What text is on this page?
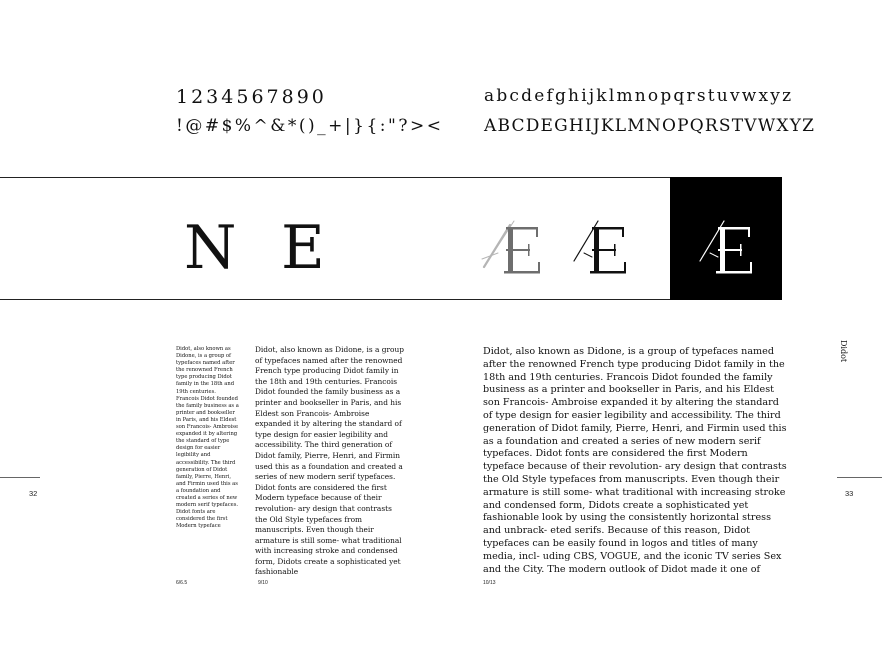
1234567890
!@#$%^&*()_+|}{:"?><
abcdefghijklmnopqrstuvwxyz
ABCDEGHIJKLMNOPQRSTVWXYZ
N E
32	33
Didot
Didot, also known as Didone, is a group of typefaces named after the renowned French type producing Didot family in the 18th and 19th centuries. Francois Didot founded the family business as a printer and bookseller in Paris, and his Eldest son Francois- Ambroise expanded it by altering the standard of type design for easier legibility and accessibility. The third generation of Didot family, Pierre, Henri, and Firmin used this as a foundation and created a series of new modern serif typefaces. Didot fonts are considered the first Modern typeface
Didot, also known as Didone, is a group of typefaces named after the renowned French type producing Didot family in the 18th and 19th centuries. Francois Didot founded the family business as a printer and bookseller in Paris, and his Eldest son Francois- Ambroise expanded it by altering the standard of type design for easier legibility and accessibility. The third generation of Didot family, Pierre, Henri, and Firmin used this as a foundation and created a series of new modern serif typefaces. Didot fonts are considered the first Modern typeface because of their revolution- ary design that contrasts the Old Style typefaces from manuscripts. Even though their armature is still some- what traditional with increasing stroke and condensed form, Didots create a sophisticated yet fashionable
Didot, also known as Didone, is a group of typefaces named after the renowned French type producing Didot family in the 18th and 19th centuries. Francois Didot founded the family business as a printer and bookseller in Paris, and his Eldest son Francois- Ambroise expanded it by altering the standard of type design for easier legibility and accessibility. The third generation of Didot family, Pierre, Henri, and Firmin used this as a foundation and created a series of new modern serif typefaces. Didot fonts are considered the first Modern typeface because of their revolution- ary design that contrasts the Old Style typefaces from manuscripts. Even though their armature is still some- what traditional with increasing stroke and condensed form, Didots create a sophisticated yet fashionable look by using the consistently horizontal stress and unbrack- eted serifs. Because of this reason, Didot typefaces can be easily found in logos and titles of many media, incl- uding CBS, VOGUE, and the iconic TV series Sex and the City. The modern outlook of Didot made it one of
6/6.5	9/10	10/13
